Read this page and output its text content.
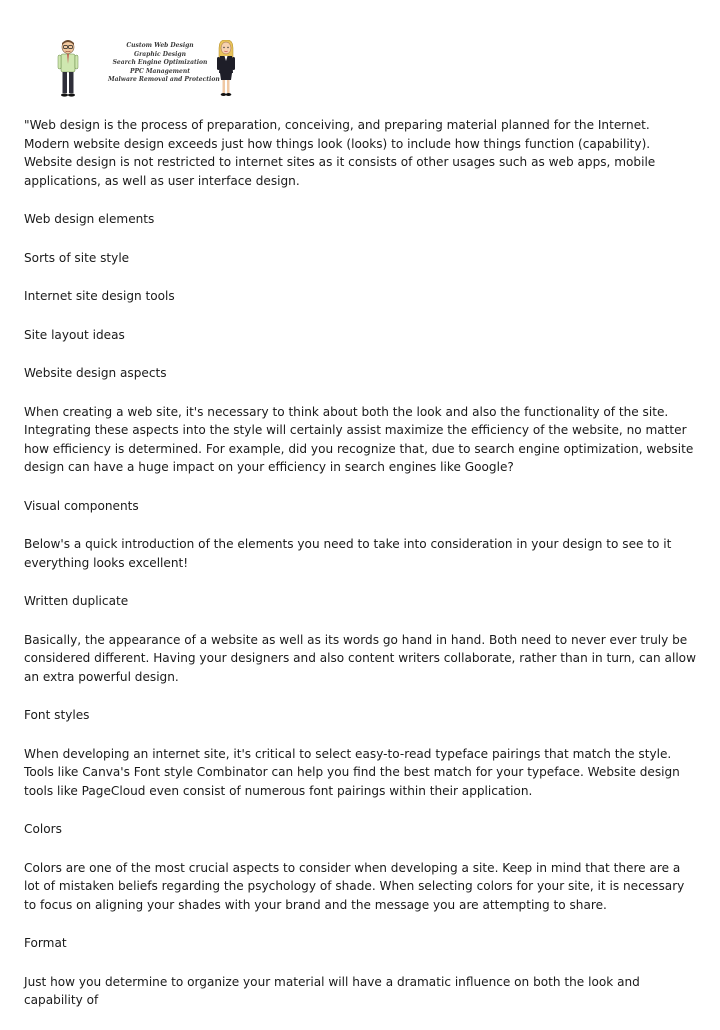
Custom Web Design
Graphic Design
Search Engine Optimization
PPC Management
Malware Removal and Protection

"Web design is the process of preparation, conceiving, and preparing material planned for the Internet. Modern website design exceeds just how things look (looks) to include how things function (capability). Website design is not restricted to internet sites as it consists of other usages such as web apps, mobile applications, as well as user interface design.

Web design elements

Sorts of site style

Internet site design tools

Site layout ideas

Website design aspects

When creating a web site, it's necessary to think about both the look and also the functionality of the site. Integrating these aspects into the style will certainly assist maximize the efficiency of the website, no matter how efficiency is determined. For example, did you recognize that, due to search engine optimization, website design can have a huge impact on your efficiency in search engines like Google?

Visual components

Below's a quick introduction of the elements you need to take into consideration in your design to see to it everything looks excellent!

Written duplicate

Basically, the appearance of a website as well as its words go hand in hand. Both need to never ever truly be considered different. Having your designers and also content writers collaborate, rather than in turn, can allow an extra powerful design.

Font styles

When developing an internet site, it's critical to select easy-to-read typeface pairings that match the style. Tools like Canva's Font style Combinator can help you find the best match for your typeface. Website design tools like PageCloud even consist of numerous font pairings within their application.

Colors

Colors are one of the most crucial aspects to consider when developing a site. Keep in mind that there are a lot of mistaken beliefs regarding the psychology of shade. When selecting colors for your site, it is necessary to focus on aligning your shades with your brand and the message you are attempting to share.

Format

Just how you determine to organize your material will have a dramatic influence on both the look and capability of
